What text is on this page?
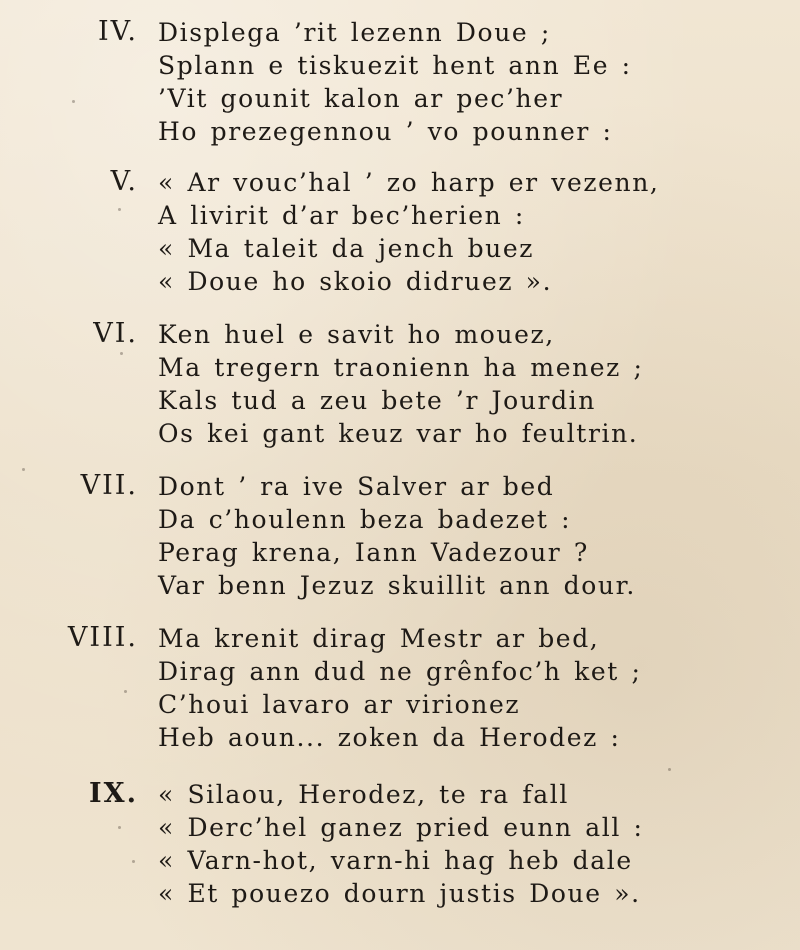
IV. Displega ’rit lezenn Doue ;
Splann e tiskuezit hent ann Ee :
’Vit gounit kalon ar pec’her
Ho prezegennou ’ vo pounner :
V. « Ar vouc’hal ’ zo harp er vezenn,
A livirit d’ar bec’herien :
« Ma taleit da jench buez
« Doue ho skoio didruez ».
VI. Ken huel e savit ho mouez,
Ma tregern traonienn ha menez ;
Kals tud a zeu bete ’r Jourdin
Os kei gant keuz var ho feultrin.
VII. Dont ’ ra ive Salver ar bed
Da c’houlenn beza badezet :
Perag krena, Iann Vadezour ?
Var benn Jezuz skuillit ann dour.
VIII. Ma krenit dirag Mestr ar bed,
Dirag ann dud ne grênfoc’h ket ;
C’houi lavaro ar virionez
Heb aoun... zoken da Herodez :
IX. « Silaou, Herodez, te ra fall
« Derc’hel ganez pried eunn all :
« Varn-hot, varn-hi hag heb dale
« Et pouezo dourn justis Doue ».
